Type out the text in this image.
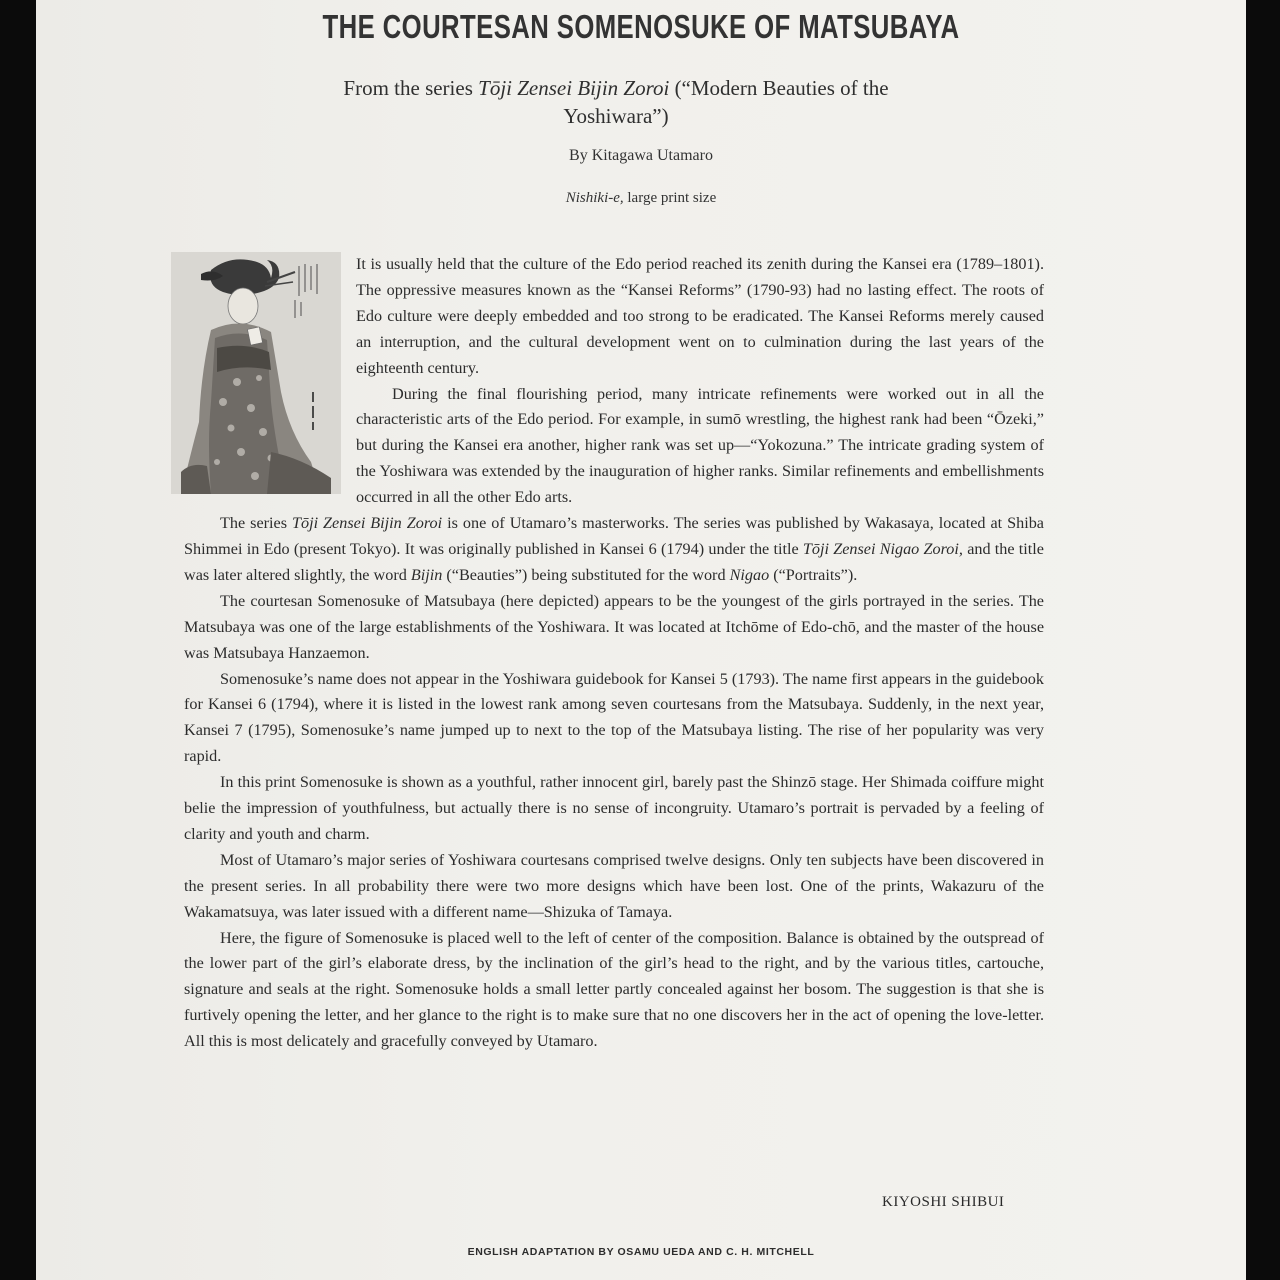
THE COURTESAN SOMENOSUKE OF MATSUBAYA
From the series Tōji Zensei Bijin Zoroi (“Modern Beauties of the Yoshiwara”)
By Kitagawa Utamaro
Nishiki-e, large print size

It is usually held that the culture of the Edo period reached its zenith during the Kansei era (1789–1801). The oppressive measures known as the “Kansei Reforms” (1790-93) had no lasting effect. The roots of Edo culture were deeply embedded and too strong to be eradicated. The Kansei Reforms merely caused an interruption, and the cultural development went on to culmination during the last years of the eighteenth century.

During the final flourishing period, many intricate refinements were worked out in all the characteristic arts of the Edo period. For example, in sumō wrestling, the highest rank had been “Ōzeki,” but during the Kansei era another, higher rank was set up—“Yokozuna.” The intricate grading system of the Yoshiwara was extended by the inauguration of higher ranks. Similar refinements and embellishments occurred in all the other Edo arts.

The series Tōji Zensei Bijin Zoroi is one of Utamaro’s masterworks. The series was published by Wakasaya, located at Shiba Shimmei in Edo (present Tokyo). It was originally published in Kansei 6 (1794) under the title Tōji Zensei Nigao Zoroi, and the title was later altered slightly, the word Bijin (“Beauties”) being substituted for the word Nigao (“Portraits”).

The courtesan Somenosuke of Matsubaya (here depicted) appears to be the youngest of the girls portrayed in the series. The Matsubaya was one of the large establishments of the Yoshiwara. It was located at Itchōme of Edo-chō, and the master of the house was Matsubaya Hanzaemon.

Somenosuke’s name does not appear in the Yoshiwara guidebook for Kansei 5 (1793). The name first appears in the guidebook for Kansei 6 (1794), where it is listed in the lowest rank among seven courtesans from the Matsubaya. Suddenly, in the next year, Kansei 7 (1795), Somenosuke’s name jumped up to next to the top of the Matsubaya listing. The rise of her popularity was very rapid.

In this print Somenosuke is shown as a youthful, rather innocent girl, barely past the Shinzō stage. Her Shimada coiffure might belie the impression of youthfulness, but actually there is no sense of incongruity. Utamaro’s portrait is pervaded by a feeling of clarity and youth and charm.

Most of Utamaro’s major series of Yoshiwara courtesans comprised twelve designs. Only ten subjects have been discovered in the present series. In all probability there were two more designs which have been lost. One of the prints, Wakazuru of the Wakamatsuya, was later issued with a different name—Shizuka of Tamaya.

Here, the figure of Somenosuke is placed well to the left of center of the composition. Balance is obtained by the outspread of the lower part of the girl’s elaborate dress, by the inclination of the girl’s head to the right, and by the various titles, cartouche, signature and seals at the right. Somenosuke holds a small letter partly concealed against her bosom. The suggestion is that she is furtively opening the letter, and her glance to the right is to make sure that no one discovers her in the act of opening the love-letter. All this is most delicately and gracefully conveyed by Utamaro.

KIYOSHI SHIBUI
ENGLISH ADAPTATION BY OSAMU UEDA AND C. H. MITCHELL
